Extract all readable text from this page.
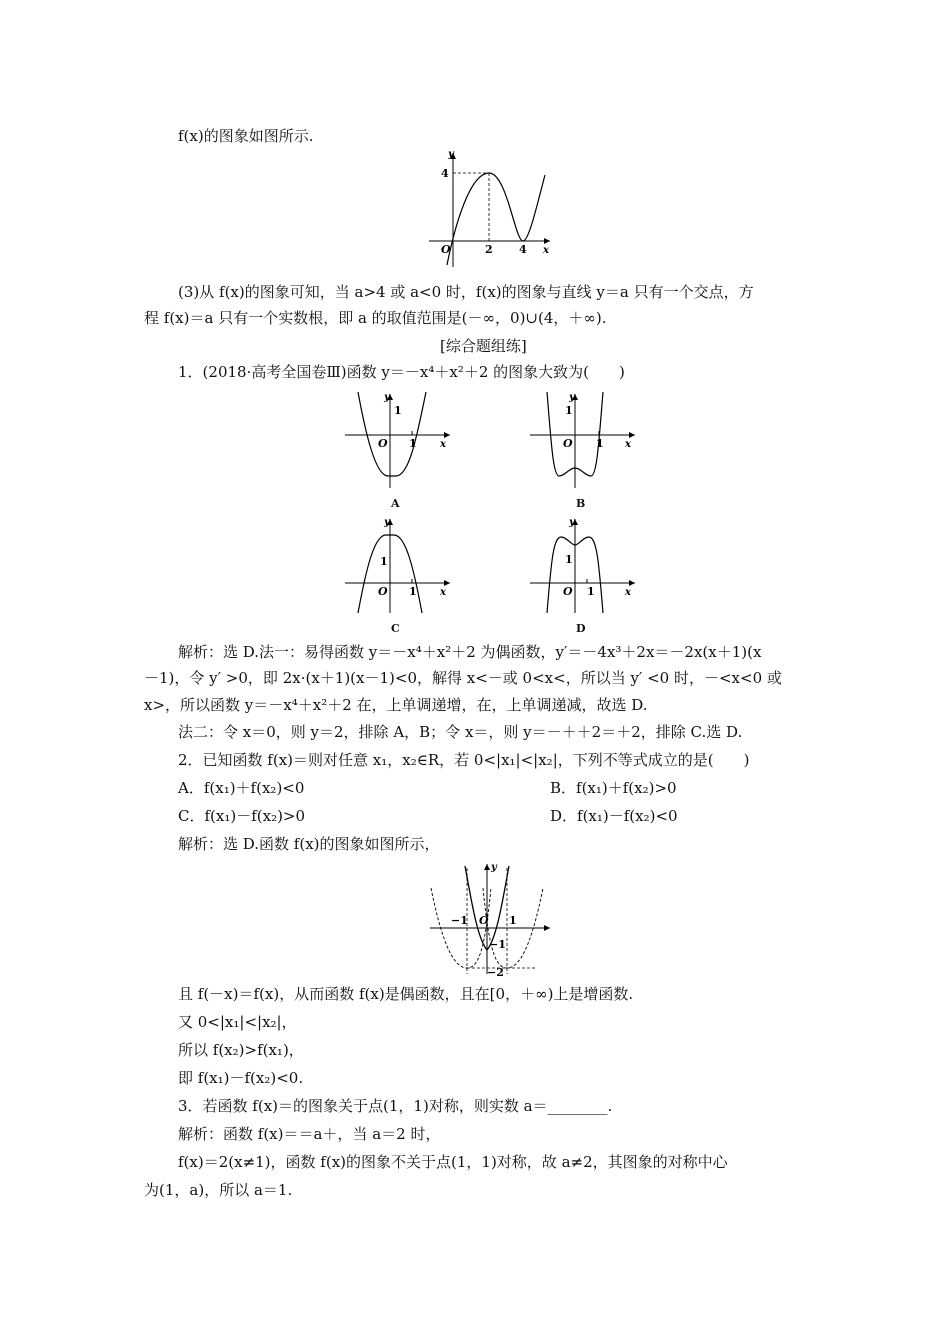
f(x)的图象如图所示.
y
x
O
4
2 4
(3)从 f(x)的图象可知，当 a>4 或 a<0 时，f(x)的图象与直线 y＝a 只有一个交点，方
程 f(x)＝a 只有一个实数根，即 a 的取值范围是(－∞，0)∪(4，＋∞).
[综合题组练]
1．(2018·高考全国卷Ⅲ)函数 y＝－x⁴＋x²＋2 的图象大致为(　　)
y
x
O
1
1
A
y
x
O
1
1
B
y
x
O
1
1
C
y
x
O
1
1
D
解析：选 D.法一：易得函数 y＝－x⁴＋x²＋2 为偶函数，y′＝－4x³＋2x＝－2x(x＋1)(x
－1)，令 y′ >0，即 2x·(x＋1)(x－1)<0，解得 x<－或 0<x<，所以当 y′ <0 时，－<x<0 或
x>，所以函数 y＝－x⁴＋x²＋2 在，上单调递增，在，上单调递减，故选 D.
法二：令 x＝0，则 y＝2，排除 A，B；令 x＝，则 y＝－＋＋2＝＋2，排除 C.选 D.
2．已知函数 f(x)＝则对任意 x₁，x₂∈R，若 0<|x₁|<|x₂|，下列不等式成立的是(　　)
A．f(x₁)＋f(x₂)<0	B．f(x₁)＋f(x₂)>0
C．f(x₁)－f(x₂)>0	D．f(x₁)－f(x₂)<0
解析：选 D.函数 f(x)的图象如图所示，
y
O
−1	1
−1
−2
且 f(－x)＝f(x)，从而函数 f(x)是偶函数，且在[0，＋∞)上是增函数.
又 0<|x₁|<|x₂|，
所以 f(x₂)>f(x₁)，
即 f(x₁)－f(x₂)<0.
3．若函数 f(x)＝的图象关于点(1，1)对称，则实数 a＝________.
解析：函数 f(x)＝＝a＋，当 a＝2 时，
f(x)＝2(x≠1)，函数 f(x)的图象不关于点(1，1)对称，故 a≠2，其图象的对称中心
为(1，a)，所以 a＝1.
